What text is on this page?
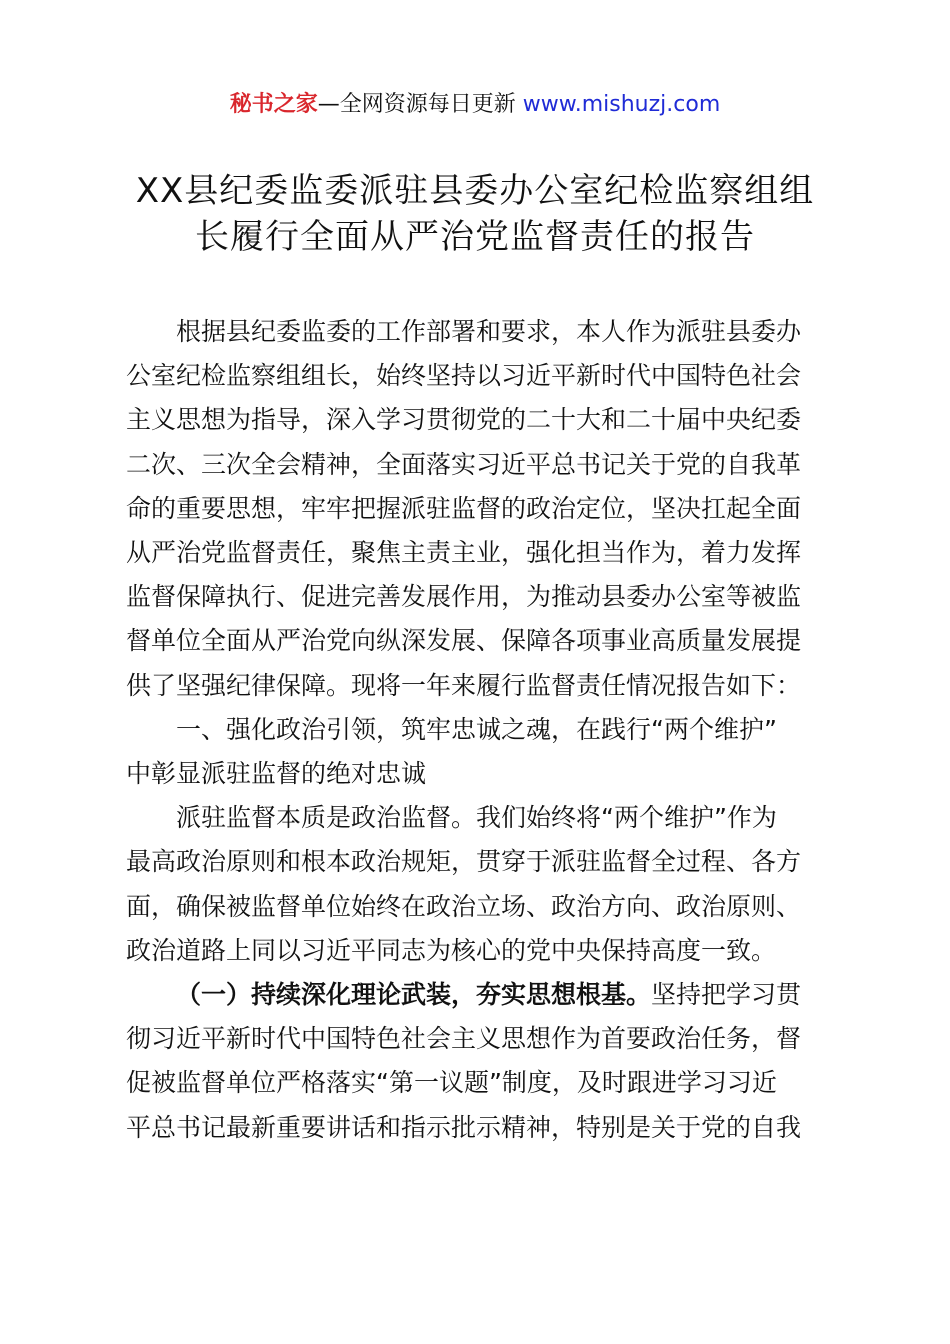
秘书之家—全网资源每日更新 www.mishuzj.com
XX县纪委监委派驻县委办公室纪检监察组组
长履行全面从严治党监督责任的报告
根据县纪委监委的工作部署和要求，本人作为派驻县委办
公室纪检监察组组长，始终坚持以习近平新时代中国特色社会
主义思想为指导，深入学习贯彻党的二十大和二十届中央纪委
二次、三次全会精神，全面落实习近平总书记关于党的自我革
命的重要思想，牢牢把握派驻监督的政治定位，坚决扛起全面
从严治党监督责任，聚焦主责主业，强化担当作为，着力发挥
监督保障执行、促进完善发展作用，为推动县委办公室等被监
督单位全面从严治党向纵深发展、保障各项事业高质量发展提
供了坚强纪律保障。现将一年来履行监督责任情况报告如下：
一、强化政治引领，筑牢忠诚之魂，在践行“两个维护”
中彰显派驻监督的绝对忠诚
派驻监督本质是政治监督。我们始终将“两个维护”作为
最高政治原则和根本政治规矩，贯穿于派驻监督全过程、各方
面，确保被监督单位始终在政治立场、政治方向、政治原则、
政治道路上同以习近平同志为核心的党中央保持高度一致。
（一）持续深化理论武装，夯实思想根基。坚持把学习贯
彻习近平新时代中国特色社会主义思想作为首要政治任务，督
促被监督单位严格落实“第一议题”制度，及时跟进学习习近
平总书记最新重要讲话和指示批示精神，特别是关于党的自我
